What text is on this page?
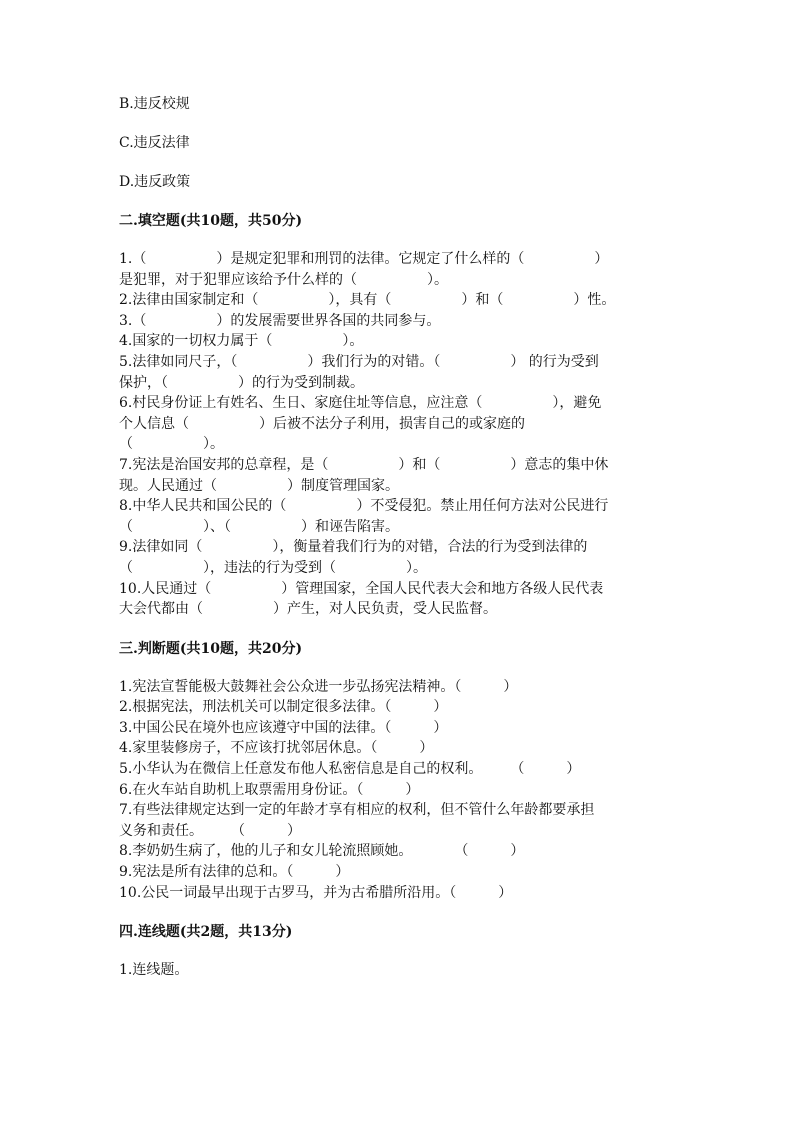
B.违反校规
C.违反法律
D.违反政策
二.填空题(共10题，共50分)
1.（　　　　　）是规定犯罪和刑罚的法律。它规定了什么样的（　　　　　）
是犯罪，对于犯罪应该给予什么样的（　　　　　）。
2.法律由国家制定和（　　　　　），具有（　　　　　）和（　　　　　）性。
3.（　　　　　）的发展需要世界各国的共同参与。
4.国家的一切权力属于（　　　　　）。
5.法律如同尺子，（　　　　　）我们行为的对错。（　　　　　） 的行为受到
保护，（　　　　　）的行为受到制裁。
6.村民身份证上有姓名、生日、家庭住址等信息，应注意（　　　　　），避免
个人信息（　　　　　）后被不法分子利用，损害自己的或家庭的
（　　　　　）。
7.宪法是治国安邦的总章程，是（　　　　　）和（　　　　　）意志的集中休
现。人民通过（　　　　　）制度管理国家。
8.中华人民共和国公民的（　　　　　）不受侵犯。禁止用任何方法对公民进行
（　　　　　）、（　　　　　）和诬告陷害。
9.法律如同（　　　　　），衡量着我们行为的对错，合法的行为受到法律的
（　　　　　），违法的行为受到（　　　　　）。
10.人民通过（　　　　　）管理国家，全国人民代表大会和地方各级人民代表
大会代都由（　　　　　）产生，对人民负责，受人民监督。
三.判断题(共10题，共20分)
1.宪法宣誓能极大鼓舞社会公众进一步弘扬宪法精神。（　　　）
2.根据宪法，刑法机关可以制定很多法律。（　　　）
3.中国公民在境外也应该遵守中国的法律。（　　　）
4.家里装修房子，不应该打扰邻居休息。（　　　）
5.小华认为在微信上任意发布他人私密信息是自己的权利。　　　（　　　）
6.在火车站自助机上取票需用身份证。（　　　）
7.有些法律规定达到一定的年龄才享有相应的权利，但不管什么年龄都要承担
义务和责任。　　　（　　　）
8.李奶奶生病了，他的儿子和女儿轮流照顾她。　　　　（　　　）
9.宪法是所有法律的总和。（　　　）
10.公民一词最早出现于古罗马，并为古希腊所沿用。（　　　）
四.连线题(共2题，共13分)
1.连线题。
